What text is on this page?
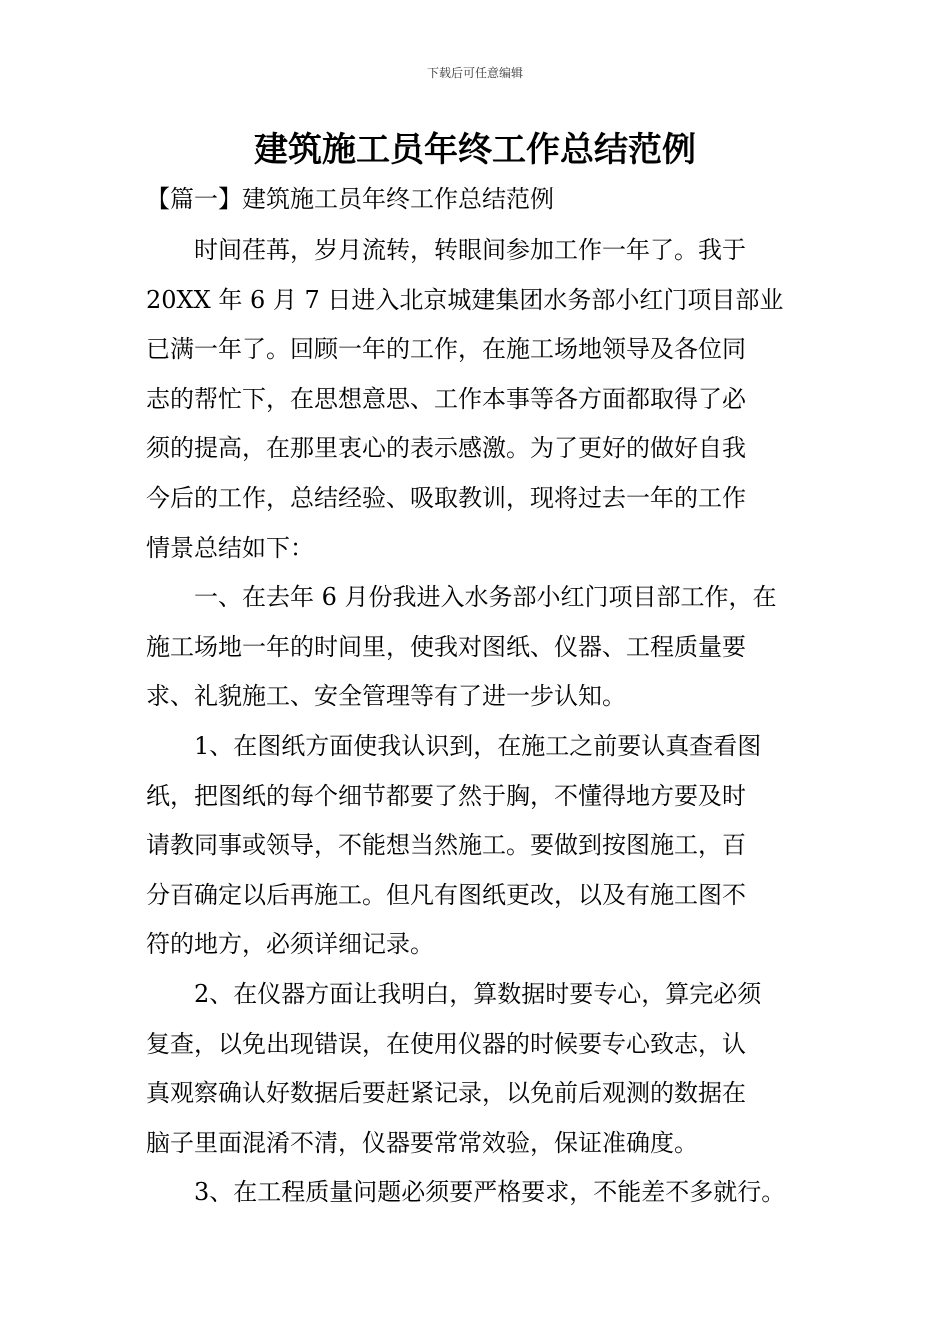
下载后可任意编辑
建筑施工员年终工作总结范例
【篇一】建筑施工员年终工作总结范例
时间荏苒，岁月流转，转眼间参加工作一年了。我于
20XX 年 6 月 7 日进入北京城建集团水务部小红门项目部业
已满一年了。回顾一年的工作，在施工场地领导及各位同
志的帮忙下，在思想意思、工作本事等各方面都取得了必
须的提高，在那里衷心的表示感激。为了更好的做好自我
今后的工作，总结经验、吸取教训，现将过去一年的工作
情景总结如下：
一、在去年 6 月份我进入水务部小红门项目部工作，在
施工场地一年的时间里，使我对图纸、仪器、工程质量要
求、礼貌施工、安全管理等有了进一步认知。
1、在图纸方面使我认识到，在施工之前要认真查看图
纸，把图纸的每个细节都要了然于胸，不懂得地方要及时
请教同事或领导，不能想当然施工。要做到按图施工，百
分百确定以后再施工。但凡有图纸更改，以及有施工图不
符的地方，必须详细记录。
2、在仪器方面让我明白，算数据时要专心，算完必须
复查，以免出现错误，在使用仪器的时候要专心致志，认
真观察确认好数据后要赶紧记录，以免前后观测的数据在
脑子里面混淆不清，仪器要常常效验，保证准确度。
3、在工程质量问题必须要严格要求，不能差不多就行。
